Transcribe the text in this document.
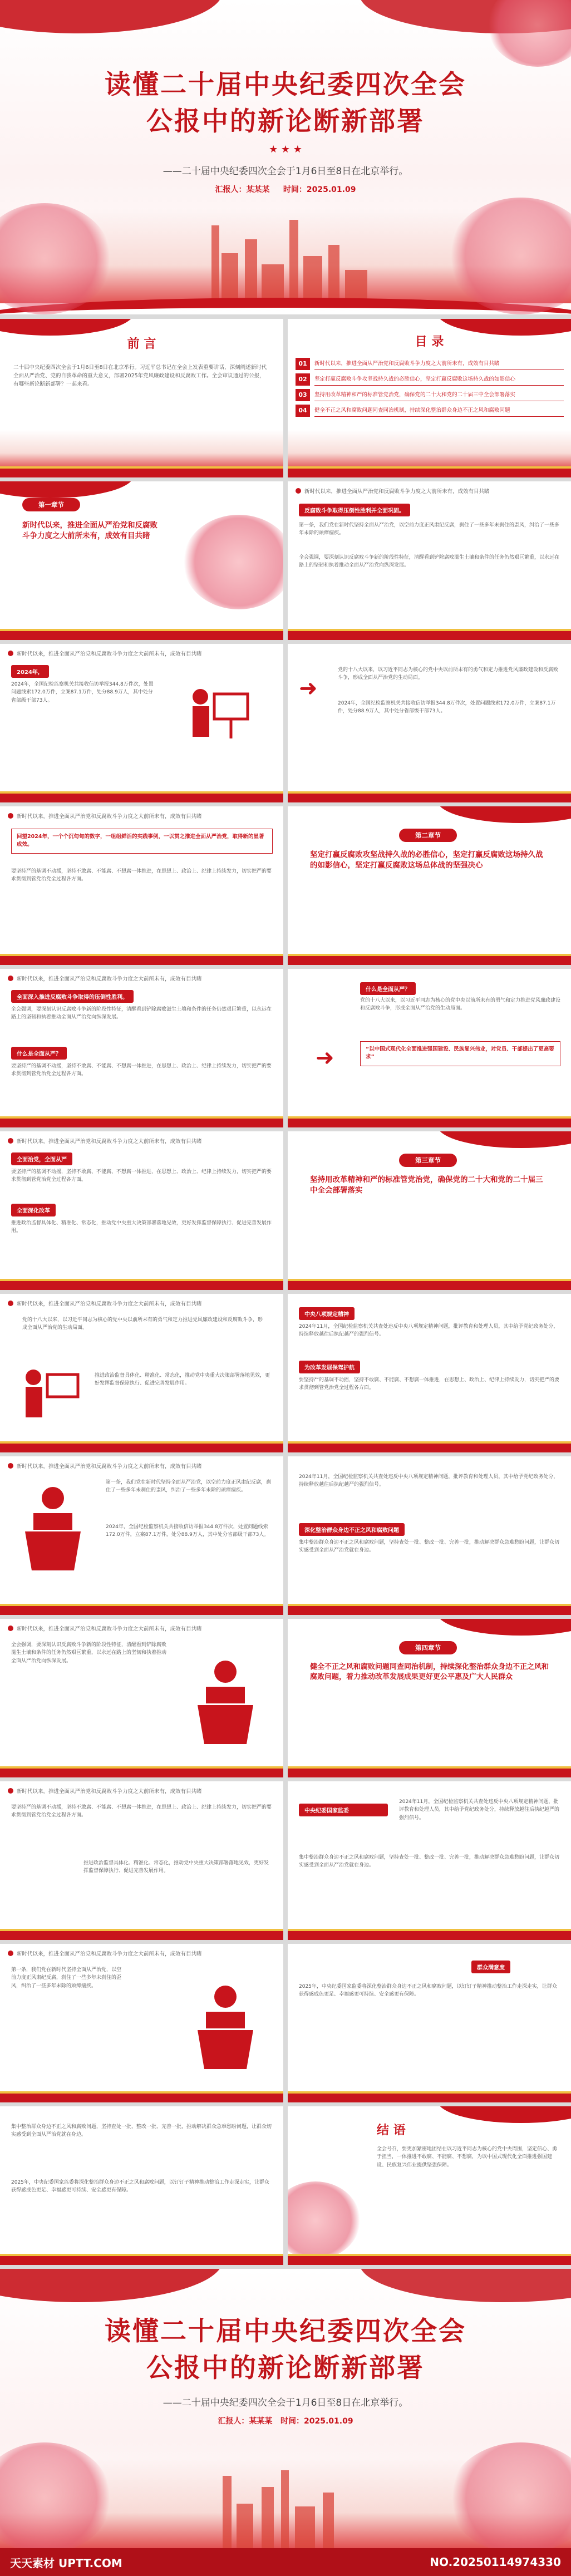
读懂二十届中央纪委四次全会
公报中的新论断新部署
★ ★ ★
——二十届中央纪委四次全会于1月6日至8日在北京举行。
汇报人：某某某 时间：2025.01.09
前 言
二十届中央纪委四次全会于1月6日至8日在北京举行。习近平总书记在全会上发表重要讲话，深刻阐述新时代全面从严治党、党的自我革命的重大意义，部署2025年党风廉政建设和反腐败工作。全会审议通过的公报，有哪些新论断新部署？一起来看。
目 录
01	新时代以来，推进全面从严治党和反腐败斗争力度之大前所未有，成效有目共睹
02	坚定打赢反腐败斗争攻坚战持久战的必胜信心，坚定打赢反腐败这场持久战的如影信心
03	坚持用改革精神和严的标准管党治党，确保党的二十大和党的二十届三中全会部署落实
04	健全不正之风和腐败问题同查同治机制，持续深化整治群众身边不正之风和腐败问题
第一章节
新时代以来，推进全面从严治党和反腐败斗争力度之大前所未有，成效有目共睹
新时代以来，推进全面从严治党和反腐败斗争力度之大前所未有，成效有目共睹
反腐败斗争取得压倒性胜利并全面巩固。
第一条，我们党在新时代坚持全面从严治党，以空前力度正风肃纪反腐，刹住了一些多年未刹住的歪风，纠治了一些多年未除的顽瘴痼疾。
全会强调，要深刻认识反腐败斗争新的阶段性特征，清醒看到铲除腐败滋生土壤和条件的任务仍然艰巨繁重，以永远在路上的坚韧和执着推动全面从严治党向纵深发展。
新时代以来，推进全面从严治党和反腐败斗争力度之大前所未有，成效有目共睹
2024年，
2024年，全国纪检监察机关共接收信访举报344.8万件次，处置问题线索172.0万件，立案87.1万件，处分88.9万人，其中处分省部级干部73人。	➜
党的十八大以来，以习近平同志为核心的党中央以前所未有的勇气和定力推进党风廉政建设和反腐败斗争，形成全面从严治党的生动局面。
2024年，全国纪检监察机关共接收信访举报344.8万件次，处置问题线索172.0万件，立案87.1万件，处分88.9万人，其中处分省部级干部73人。
新时代以来，推进全面从严治党和反腐败斗争力度之大前所未有，成效有目共睹
回望2024年，一个个沉甸甸的数字，一组组鲜活的实践事例，一以贯之推进全面从严治党，取得新的显著成效。
要坚持严的基调不动摇，坚持不敢腐、不能腐、不想腐一体推进，在思想上、政治上、纪律上持续发力，切实把严的要求贯彻到管党治党全过程各方面。
第二章节
坚定打赢反腐败攻坚战持久战的必胜信心，坚定打赢反腐败这场持久战的如影信心，坚定打赢反腐败这场总体战的坚强决心
新时代以来，推进全面从严治党和反腐败斗争力度之大前所未有，成效有目共睹
全面深入推进反腐败斗争取得的压倒性胜利。
全会强调，要深刻认识反腐败斗争新的阶段性特征，清醒看到铲除腐败滋生土壤和条件的任务仍然艰巨繁重，以永远在路上的坚韧和执着推动全面从严治党向纵深发展。
什么是全面从严？
要坚持严的基调不动摇，坚持不敢腐、不能腐、不想腐一体推进，在思想上、政治上、纪律上持续发力，切实把严的要求贯彻到管党治党全过程各方面。
什么是全面从严？
党的十八大以来，以习近平同志为核心的党中央以前所未有的勇气和定力推进党风廉政建设和反腐败斗争，形成全面从严治党的生动局面。
➜	“以中国式现代化全面推进强国建设、民族复兴伟业，对党员、干部提出了更高要求”
新时代以来，推进全面从严治党和反腐败斗争力度之大前所未有，成效有目共睹
全面治党，全面从严
要坚持严的基调不动摇，坚持不敢腐、不能腐、不想腐一体推进，在思想上、政治上、纪律上持续发力，切实把严的要求贯彻到管党治党全过程各方面。
全面深化改革
推进政治监督具体化、精准化、常态化，推动党中央重大决策部署落地见效，更好发挥监督保障执行、促进完善发展作用。
第三章节
坚持用改革精神和严的标准管党治党，确保党的二十大和党的二十届三中全会部署落实
新时代以来，推进全面从严治党和反腐败斗争力度之大前所未有，成效有目共睹
党的十八大以来，以习近平同志为核心的党中央以前所未有的勇气和定力推进党风廉政建设和反腐败斗争，形成全面从严治党的生动局面。
推进政治监督具体化、精准化、常态化，推动党中央重大决策部署落地见效，更好发挥监督保障执行、促进完善发展作用。
中央八项规定精神
2024年11月，全国纪检监察机关共查处违反中央八项规定精神问题，批评教育和处理人员，其中给予党纪政务处分，持续释放越往后执纪越严的强烈信号。
为改革发展保驾护航
要坚持严的基调不动摇，坚持不敢腐、不能腐、不想腐一体推进，在思想上、政治上、纪律上持续发力，切实把严的要求贯彻到管党治党全过程各方面。
新时代以来，推进全面从严治党和反腐败斗争力度之大前所未有，成效有目共睹
第一条，我们党在新时代坚持全面从严治党，以空前力度正风肃纪反腐，刹住了一些多年未刹住的歪风，纠治了一些多年未除的顽瘴痼疾。
2024年，全国纪检监察机关共接收信访举报344.8万件次，处置问题线索172.0万件，立案87.1万件，处分88.9万人，其中处分省部级干部73人。
2024年11月，全国纪检监察机关共查处违反中央八项规定精神问题，批评教育和处理人员，其中给予党纪政务处分，持续释放越往后执纪越严的强烈信号。
深化整治群众身边不正之风和腐败问题
集中整治群众身边不正之风和腐败问题，坚持查处一批、整改一批、完善一批，推动解决群众急难愁盼问题，让群众切实感受到全面从严治党就在身边。
新时代以来，推进全面从严治党和反腐败斗争力度之大前所未有，成效有目共睹
全会强调，要深刻认识反腐败斗争新的阶段性特征，清醒看到铲除腐败滋生土壤和条件的任务仍然艰巨繁重，以永远在路上的坚韧和执着推动全面从严治党向纵深发展。
第四章节
健全不正之风和腐败问题同查同治机制，持续深化整治群众身边不正之风和腐败问题，着力推动改革发展成果更好更公平惠及广大人民群众
新时代以来，推进全面从严治党和反腐败斗争力度之大前所未有，成效有目共睹
要坚持严的基调不动摇，坚持不敢腐、不能腐、不想腐一体推进，在思想上、政治上、纪律上持续发力，切实把严的要求贯彻到管党治党全过程各方面。
推进政治监督具体化、精准化、常态化，推动党中央重大决策部署落地见效，更好发挥监督保障执行、促进完善发展作用。
中央纪委国家监委
2024年11月，全国纪检监察机关共查处违反中央八项规定精神问题，批评教育和处理人员，其中给予党纪政务处分，持续释放越往后执纪越严的强烈信号。
集中整治群众身边不正之风和腐败问题，坚持查处一批、整改一批、完善一批，推动解决群众急难愁盼问题，让群众切实感受到全面从严治党就在身边。
新时代以来，推进全面从严治党和反腐败斗争力度之大前所未有，成效有目共睹
第一条，我们党在新时代坚持全面从严治党，以空前力度正风肃纪反腐，刹住了一些多年未刹住的歪风，纠治了一些多年未除的顽瘴痼疾。
群众满意度
2025年，中央纪委国家监委将深化整治群众身边不正之风和腐败问题，以钉钉子精神推动整治工作走深走实，让群众获得感成色更足、幸福感更可持续、安全感更有保障。
集中整治群众身边不正之风和腐败问题，坚持查处一批、整改一批、完善一批，推动解决群众急难愁盼问题，让群众切实感受到全面从严治党就在身边。
2025年，中央纪委国家监委将深化整治群众身边不正之风和腐败问题，以钉钉子精神推动整治工作走深走实，让群众获得感成色更足、幸福感更可持续、安全感更有保障。
结 语
全会号召，要更加紧密地团结在以习近平同志为核心的党中央周围，坚定信心、勇于担当，一体推进不敢腐、不能腐、不想腐，为以中国式现代化全面推进强国建设、民族复兴伟业提供坚强保障。
读懂二十届中央纪委四次全会
公报中的新论断新部署
——二十届中央纪委四次全会于1月6日至8日在北京举行。
汇报人：某某某 时间：2025.01.09
天天素材 UPTT.COM	NO.20250114974330
